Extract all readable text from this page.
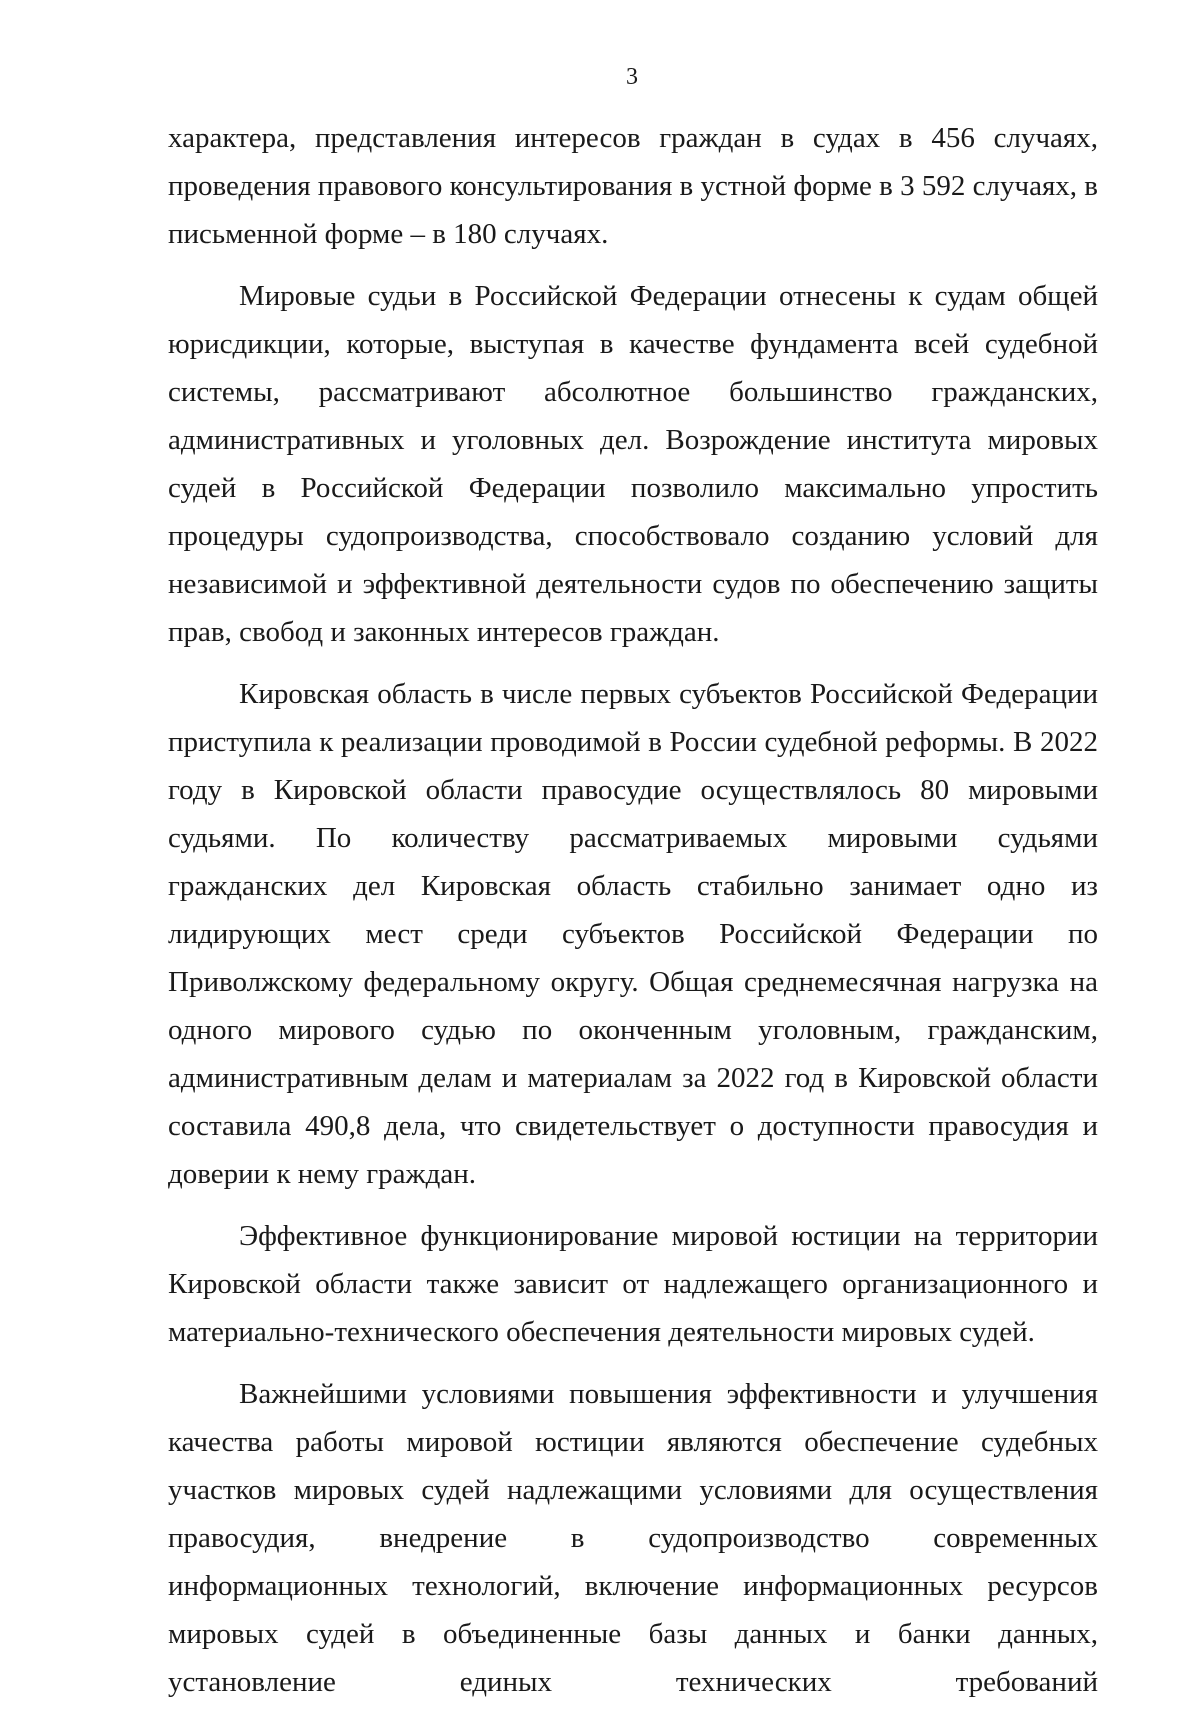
3

характера, представления интересов граждан в судах в 456 случаях, проведения правового консультирования в устной форме в 3 592 случаях, в письменной форме – в 180 случаях.

Мировые судьи в Российской Федерации отнесены к судам общей юрисдикции, которые, выступая в качестве фундамента всей судебной системы, рассматривают абсолютное большинство гражданских, административных и уголовных дел. Возрождение института мировых судей в Российской Федерации позволило максимально упростить процедуры судопроизводства, способствовало созданию условий для независимой и эффективной деятельности судов по обеспечению защиты прав, свобод и законных интересов граждан.

Кировская область в числе первых субъектов Российской Федерации приступила к реализации проводимой в России судебной реформы. В 2022 году в Кировской области правосудие осуществлялось 80 мировыми судьями. По количеству рассматриваемых мировыми судьями гражданских дел Кировская область стабильно занимает одно из лидирующих мест среди субъектов Российской Федерации по Приволжскому федеральному округу. Общая среднемесячная нагрузка на одного мирового судью по оконченным уголовным, гражданским, административным делам и материалам за 2022 год в Кировской области составила 490,8 дела, что свидетельствует о доступности правосудия и доверии к нему граждан.

Эффективное функционирование мировой юстиции на территории Кировской области также зависит от надлежащего организационного и материально-технического обеспечения деятельности мировых судей.

Важнейшими условиями повышения эффективности и улучшения качества работы мировой юстиции являются обеспечение судебных участков мировых судей надлежащими условиями для осуществления правосудия, внедрение в судопроизводство современных информационных технологий, включение информационных ресурсов мировых судей в объединенные базы данных и банки данных, установление единых технических требований
